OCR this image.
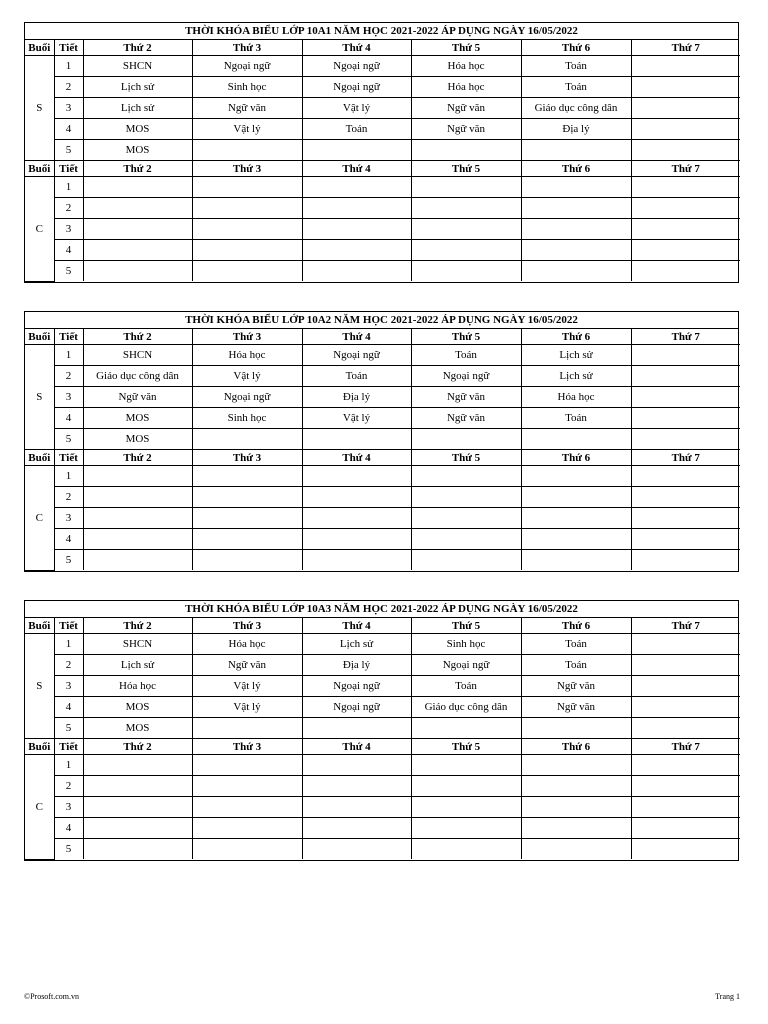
THỜI KHÓA BIỂU LỚP 10A1 NĂM HỌC 2021-2022 ÁP DỤNG NGÀY 16/05/2022
Buổi	Tiết	Thứ 2	Thứ 3	Thứ 4	Thứ 5	Thứ 6	Thứ 7
S	1	SHCN	Ngoại ngữ	Ngoại ngữ	Hóa học	Toán	
	2	Lịch sử	Sinh học	Ngoại ngữ	Hóa học	Toán	
	3	Lịch sử	Ngữ văn	Vật lý	Ngữ văn	Giáo dục công dân	
	4	MOS	Vật lý	Toán	Ngữ văn	Địa lý	
	5	MOS					
Buổi	Tiết	Thứ 2	Thứ 3	Thứ 4	Thứ 5	Thứ 6	Thứ 7
C	1						
	2						
	3						
	4						
	5						
THỜI KHÓA BIỂU LỚP 10A2 NĂM HỌC 2021-2022 ÁP DỤNG NGÀY 16/05/2022
Buổi	Tiết	Thứ 2	Thứ 3	Thứ 4	Thứ 5	Thứ 6	Thứ 7
S	1	SHCN	Hóa học	Ngoại ngữ	Toán	Lịch sử	
	2	Giáo dục công dân	Vật lý	Toán	Ngoại ngữ	Lịch sử	
	3	Ngữ văn	Ngoại ngữ	Địa lý	Ngữ văn	Hóa học	
	4	MOS	Sinh học	Vật lý	Ngữ văn	Toán	
	5	MOS					
Buổi	Tiết	Thứ 2	Thứ 3	Thứ 4	Thứ 5	Thứ 6	Thứ 7
C	1						
	2						
	3						
	4						
	5						
THỜI KHÓA BIỂU LỚP 10A3 NĂM HỌC 2021-2022 ÁP DỤNG NGÀY 16/05/2022
Buổi	Tiết	Thứ 2	Thứ 3	Thứ 4	Thứ 5	Thứ 6	Thứ 7
S	1	SHCN	Hóa học	Lịch sử	Sinh học	Toán	
	2	Lịch sử	Ngữ văn	Địa lý	Ngoại ngữ	Toán	
	3	Hóa học	Vật lý	Ngoại ngữ	Toán	Ngữ văn	
	4	MOS	Vật lý	Ngoại ngữ	Giáo dục công dân	Ngữ văn	
	5	MOS					
Buổi	Tiết	Thứ 2	Thứ 3	Thứ 4	Thứ 5	Thứ 6	Thứ 7
C	1						
	2						
	3						
	4						
	5						
©Prosoft.com.vn	Trang 1
